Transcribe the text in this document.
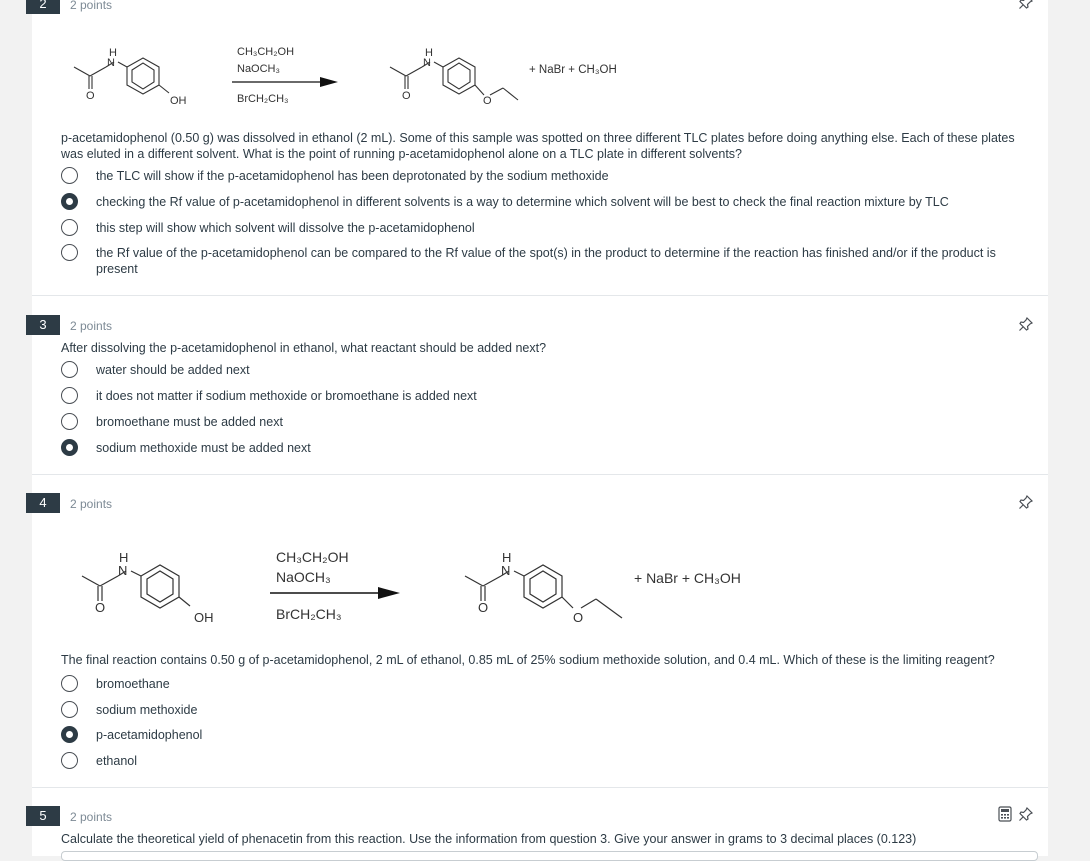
2	2 points
H
N
O	OH
CH₃CH₂OH
NaOCH₃
BrCH₂CH₃
H
N
O	O
+ NaBr + CH₃OH
p-acetamidophenol (0.50 g) was dissolved in ethanol (2 mL). Some of this sample was spotted on three different TLC plates before doing anything else. Each of these plates was eluted in a different solvent. What is the point of running p-acetamidophenol alone on a TLC plate in different solvents?
the TLC will show if the p-acetamidophenol has been deprotonated by the sodium methoxide
checking the Rf value of p-acetamidophenol in different solvents is a way to determine which solvent will be best to check the final reaction mixture by TLC
this step will show which solvent will dissolve the p-acetamidophenol
the Rf value of the p-acetamidophenol can be compared to the Rf value of the spot(s) in the product to determine if the reaction has finished and/or if the product is present
3	2 points
After dissolving the p-acetamidophenol in ethanol, what reactant should be added next?
water should be added next
it does not matter if sodium methoxide or bromoethane is added next
bromoethane must be added next
sodium methoxide must be added next
4	2 points
H
N
O
OH
CH₃CH₂OH
NaOCH₃
BrCH₂CH₃
H
N
O
O
+ NaBr + CH₃OH
The final reaction contains 0.50 g of p-acetamidophenol, 2 mL of ethanol, 0.85 mL of 25% sodium methoxide solution, and 0.4 mL. Which of these is the limiting reagent?
bromoethane
sodium methoxide
p-acetamidophenol
ethanol
5	2 points
Calculate the theoretical yield of phenacetin from this reaction. Use the information from question 3. Give your answer in grams to 3 decimal places (0.123)
